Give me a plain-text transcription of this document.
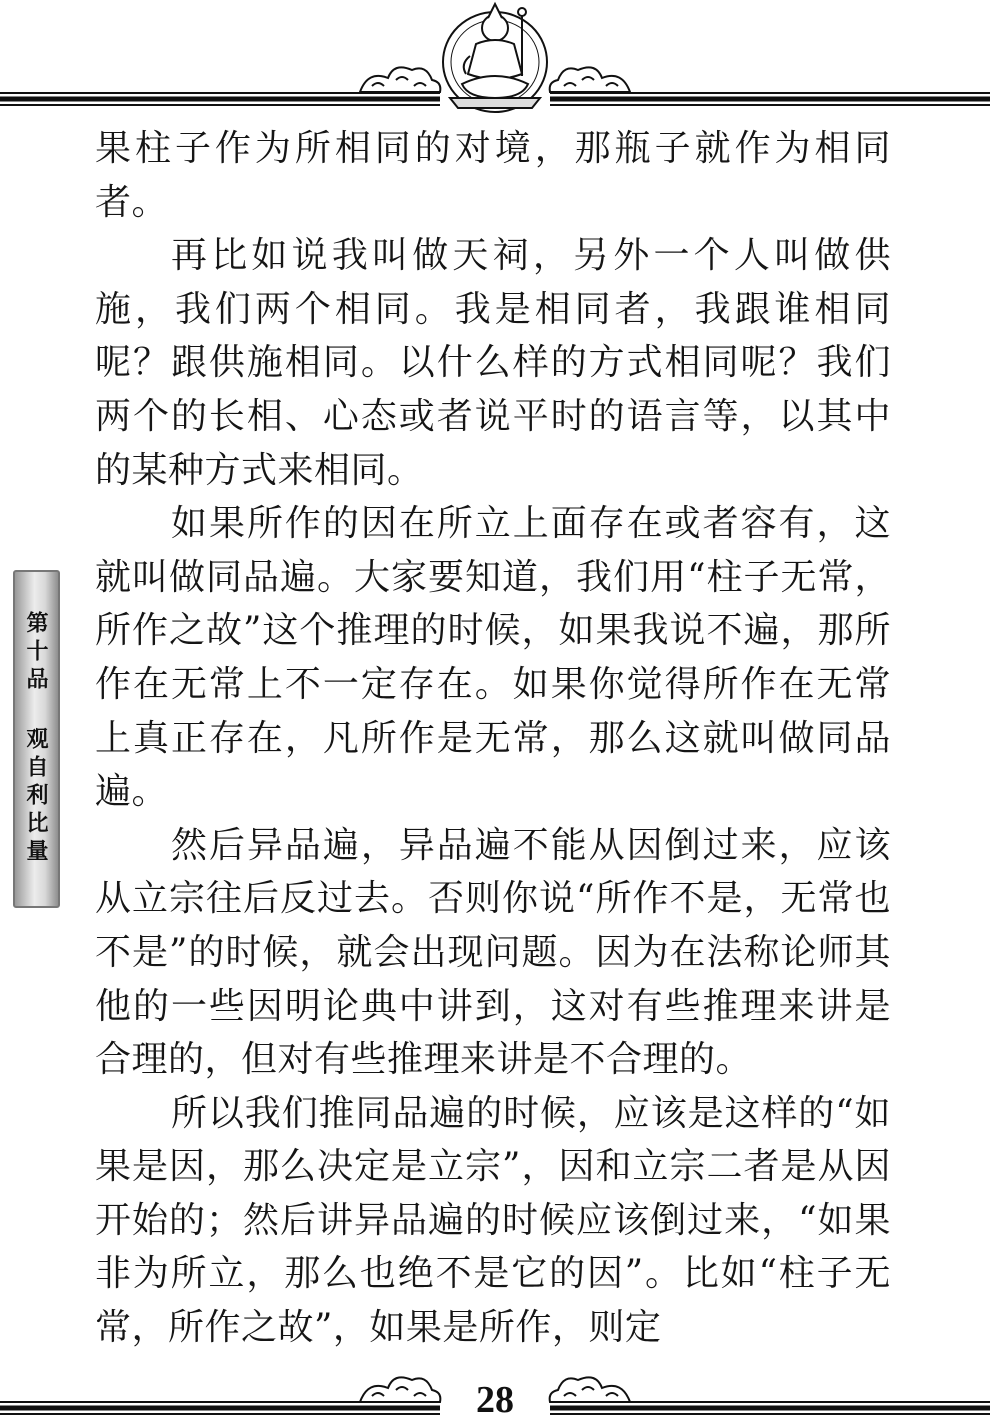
果柱子作为所相同的对境，那瓶子就作为相同者。

再比如说我叫做天祠，另外一个人叫做供施，我们两个相同。我是相同者，我跟谁相同呢？跟供施相同。以什么样的方式相同呢？我们两个的长相、心态或者说平时的语言等，以其中的某种方式来相同。

如果所作的因在所立上面存在或者容有，这就叫做同品遍。大家要知道，我们用“柱子无常，所作之故”这个推理的时候，如果我说不遍，那所作在无常上不一定存在。如果你觉得所作在无常上真正存在，凡所作是无常，那么这就叫做同品遍。

然后异品遍，异品遍不能从因倒过来，应该从立宗往后反过去。否则你说“所作不是，无常也不是”的时候，就会出现问题。因为在法称论师其他的一些因明论典中讲到，这对有些推理来讲是合理的，但对有些推理来讲是不合理的。

所以我们推同品遍的时候，应该是这样的“如果是因，那么决定是立宗”，因和立宗二者是从因开始的；然后讲异品遍的时候应该倒过来，“如果非为所立，那么也绝不是它的因”。比如“柱子无常，所作之故”，如果是所作，则定

第十品 观自利比量
28
